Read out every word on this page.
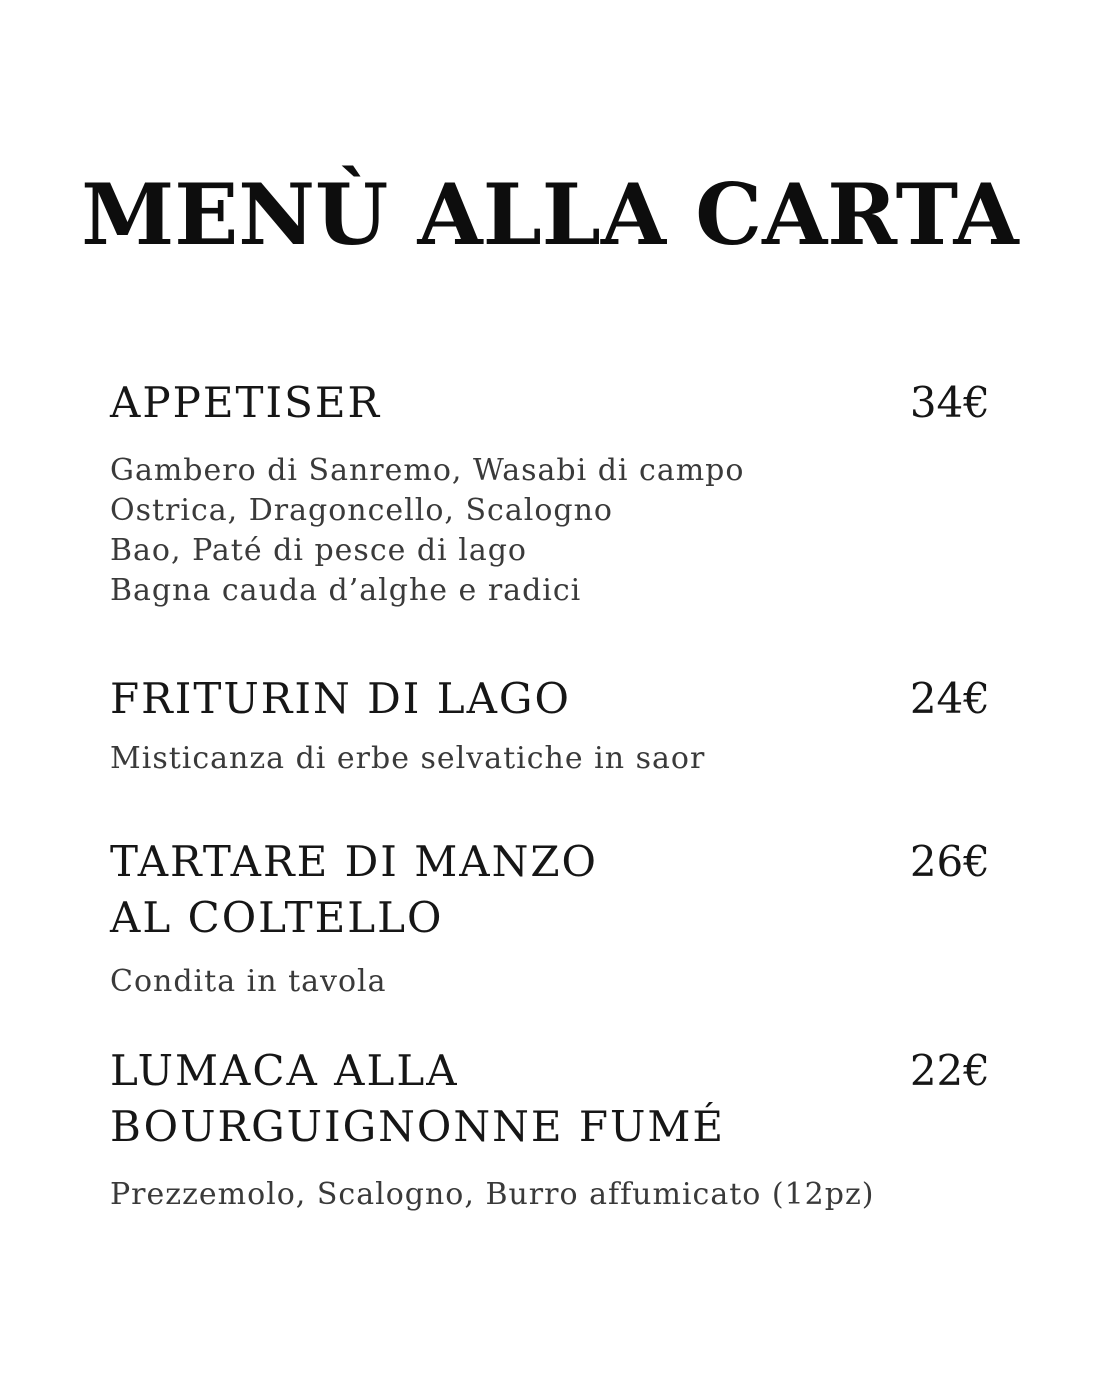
MENÙ ALLA CARTA
APPETISER	34€

Gambero di Sanremo, Wasabi di campo
Ostrica, Dragoncello, Scalogno
Bao, Paté di pesce di lago
Bagna cauda d’alghe e radici

FRITURIN DI LAGO	24€

Misticanza di erbe selvatiche in saor

TARTARE DI MANZO
AL COLTELLO
26€

Condita in tavola

LUMACA ALLA
BOURGUIGNONNE FUMÉ
22€

Prezzemolo, Scalogno, Burro affumicato (12pz)
